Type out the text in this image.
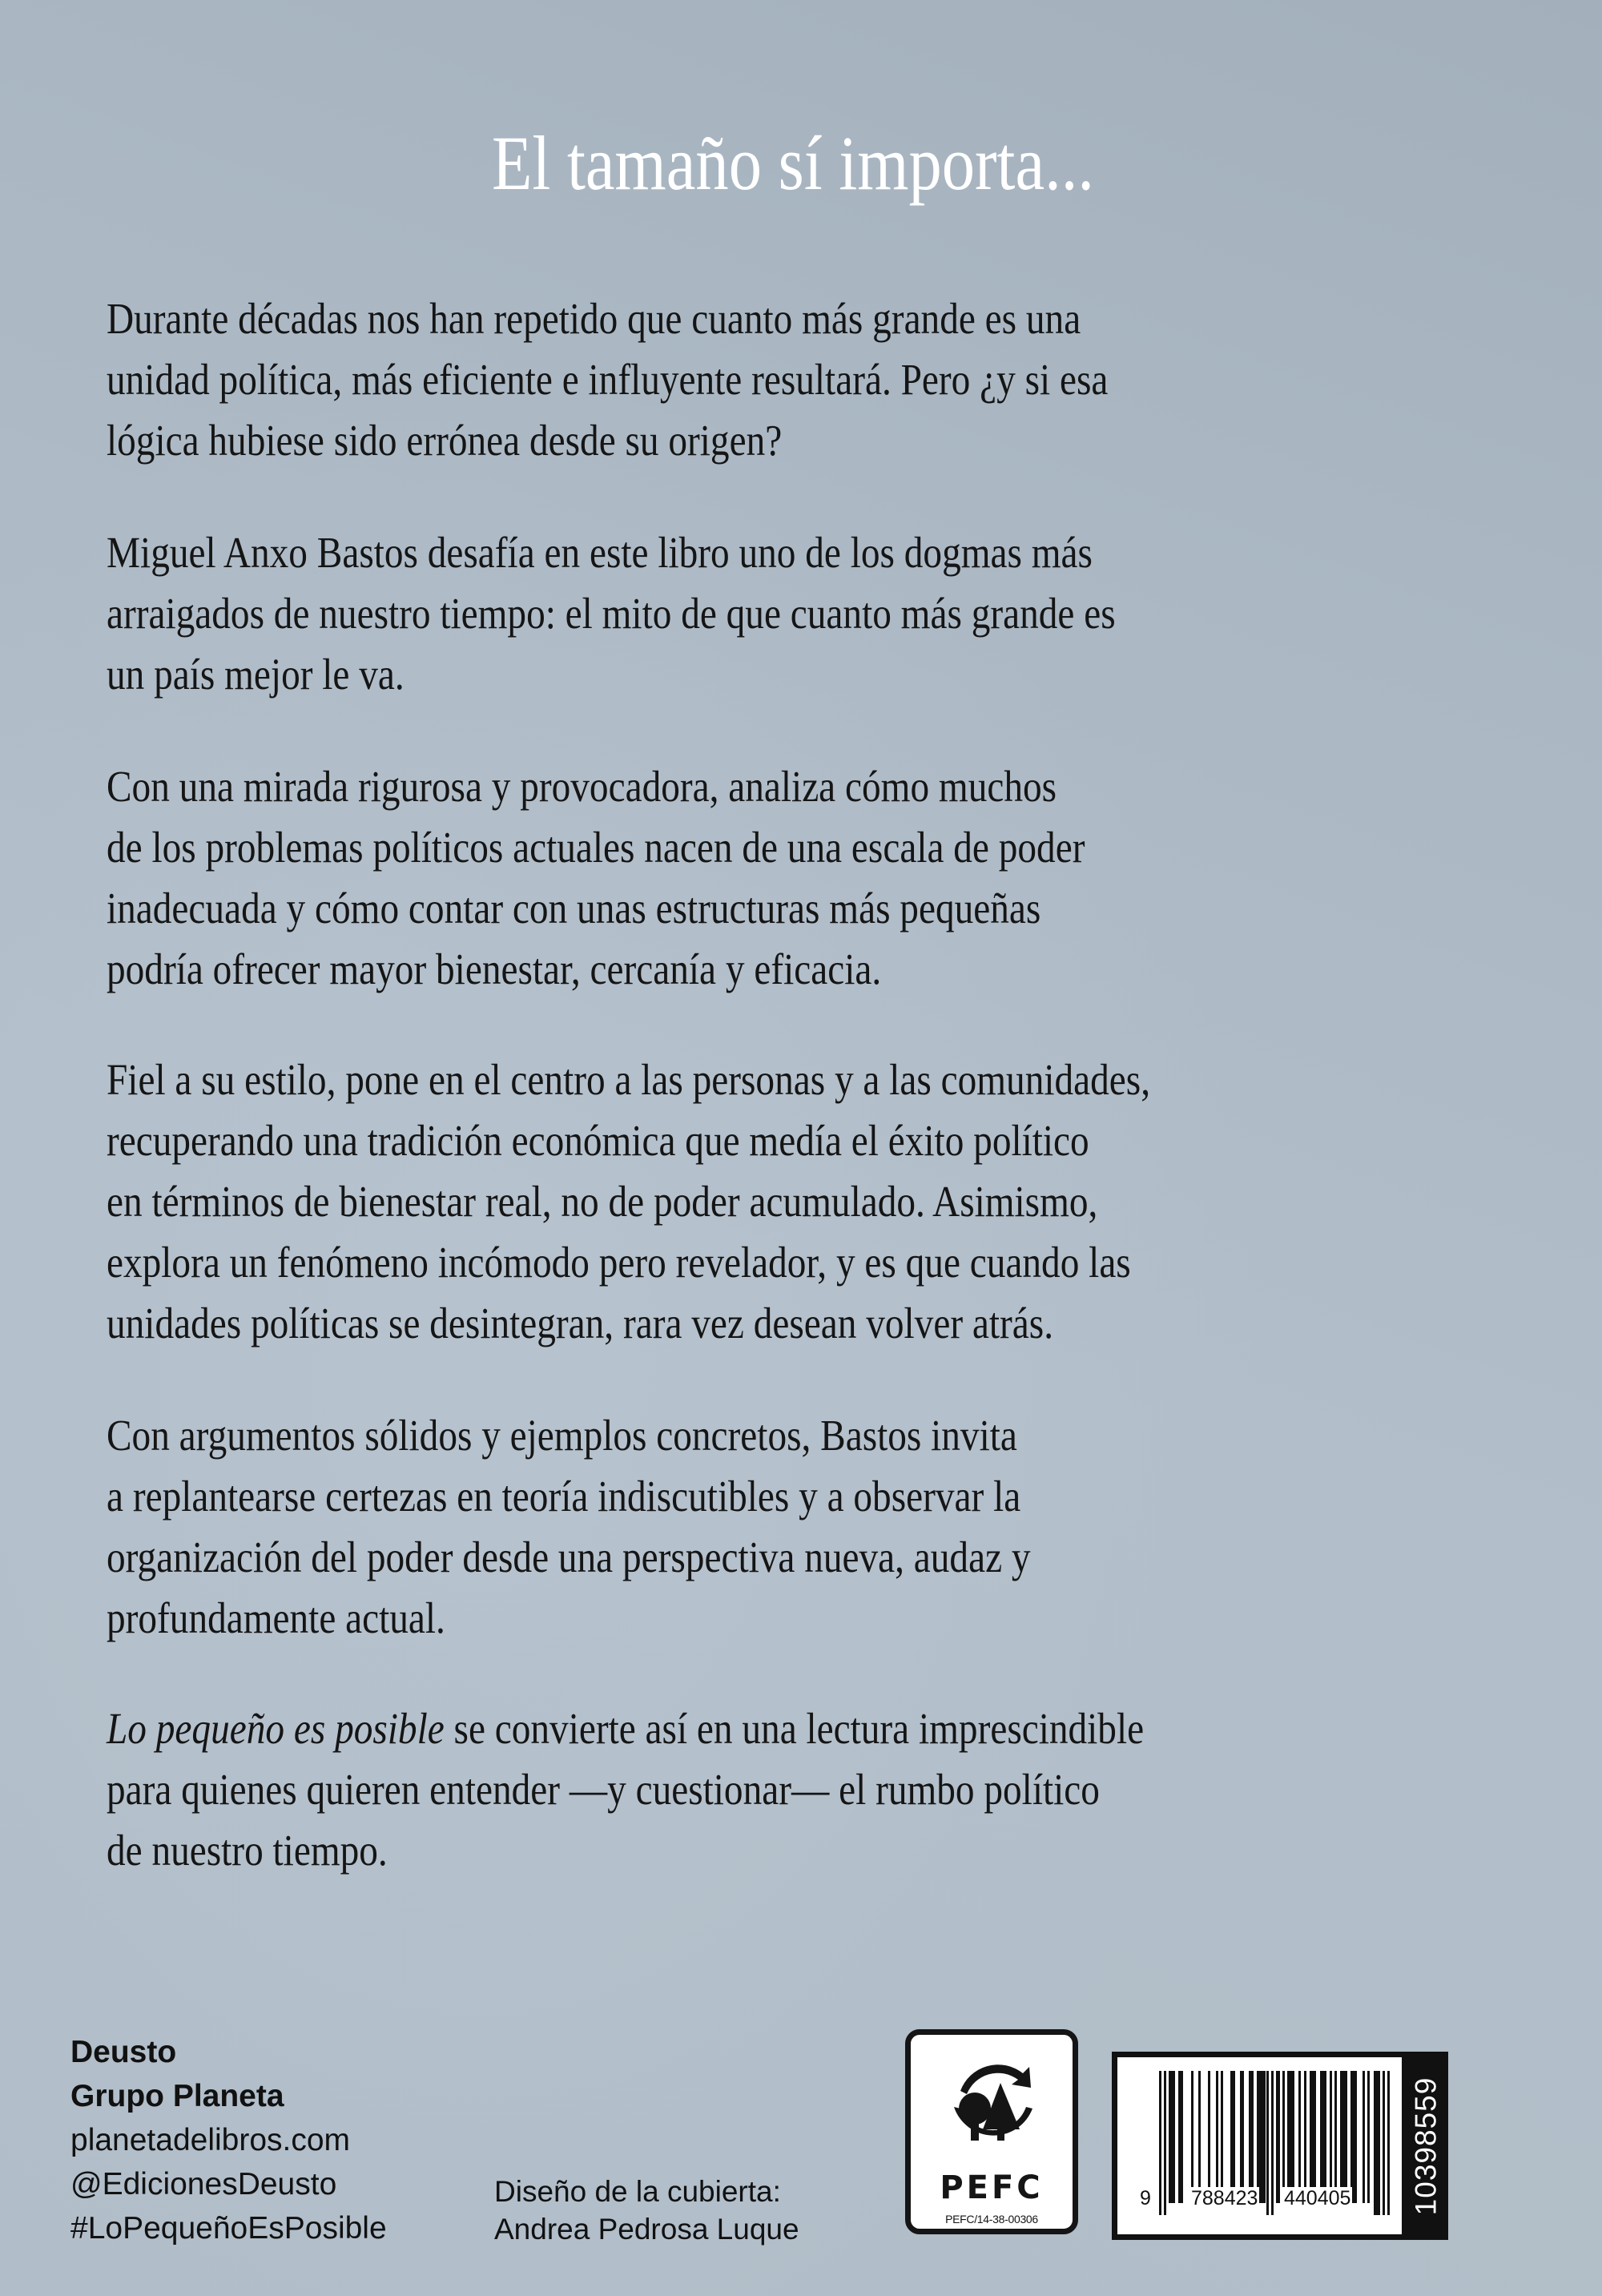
El tamaño sí importa...

Durante décadas nos han repetido que cuanto más grande es una
unidad política, más eficiente e influyente resultará. Pero ¿y si esa
lógica hubiese sido errónea desde su origen?

Miguel Anxo Bastos desafía en este libro uno de los dogmas más
arraigados de nuestro tiempo: el mito de que cuanto más grande es
un país mejor le va.

Con una mirada rigurosa y provocadora, analiza cómo muchos
de los problemas políticos actuales nacen de una escala de poder
inadecuada y cómo contar con unas estructuras más pequeñas
podría ofrecer mayor bienestar, cercanía y eficacia.

Fiel a su estilo, pone en el centro a las personas y a las comunidades,
recuperando una tradición económica que medía el éxito político
en términos de bienestar real, no de poder acumulado. Asimismo,
explora un fenómeno incómodo pero revelador, y es que cuando las
unidades políticas se desintegran, rara vez desean volver atrás.

Con argumentos sólidos y ejemplos concretos, Bastos invita
a replantearse certezas en teoría indiscutibles y a observar la
organización del poder desde una perspectiva nueva, audaz y
profundamente actual.

Lo pequeño es posible se convierte así en una lectura imprescindible
para quienes quieren entender —y cuestionar— el rumbo político
de nuestro tiempo.

Deusto
Grupo Planeta
planetadelibros.com
@EdicionesDeusto
#LoPequeñoEsPosible
Diseño de la cubierta:
Andrea Pedrosa Luque
PEFC
PEFC/14-38-00306
9 788423 440405 10398559
